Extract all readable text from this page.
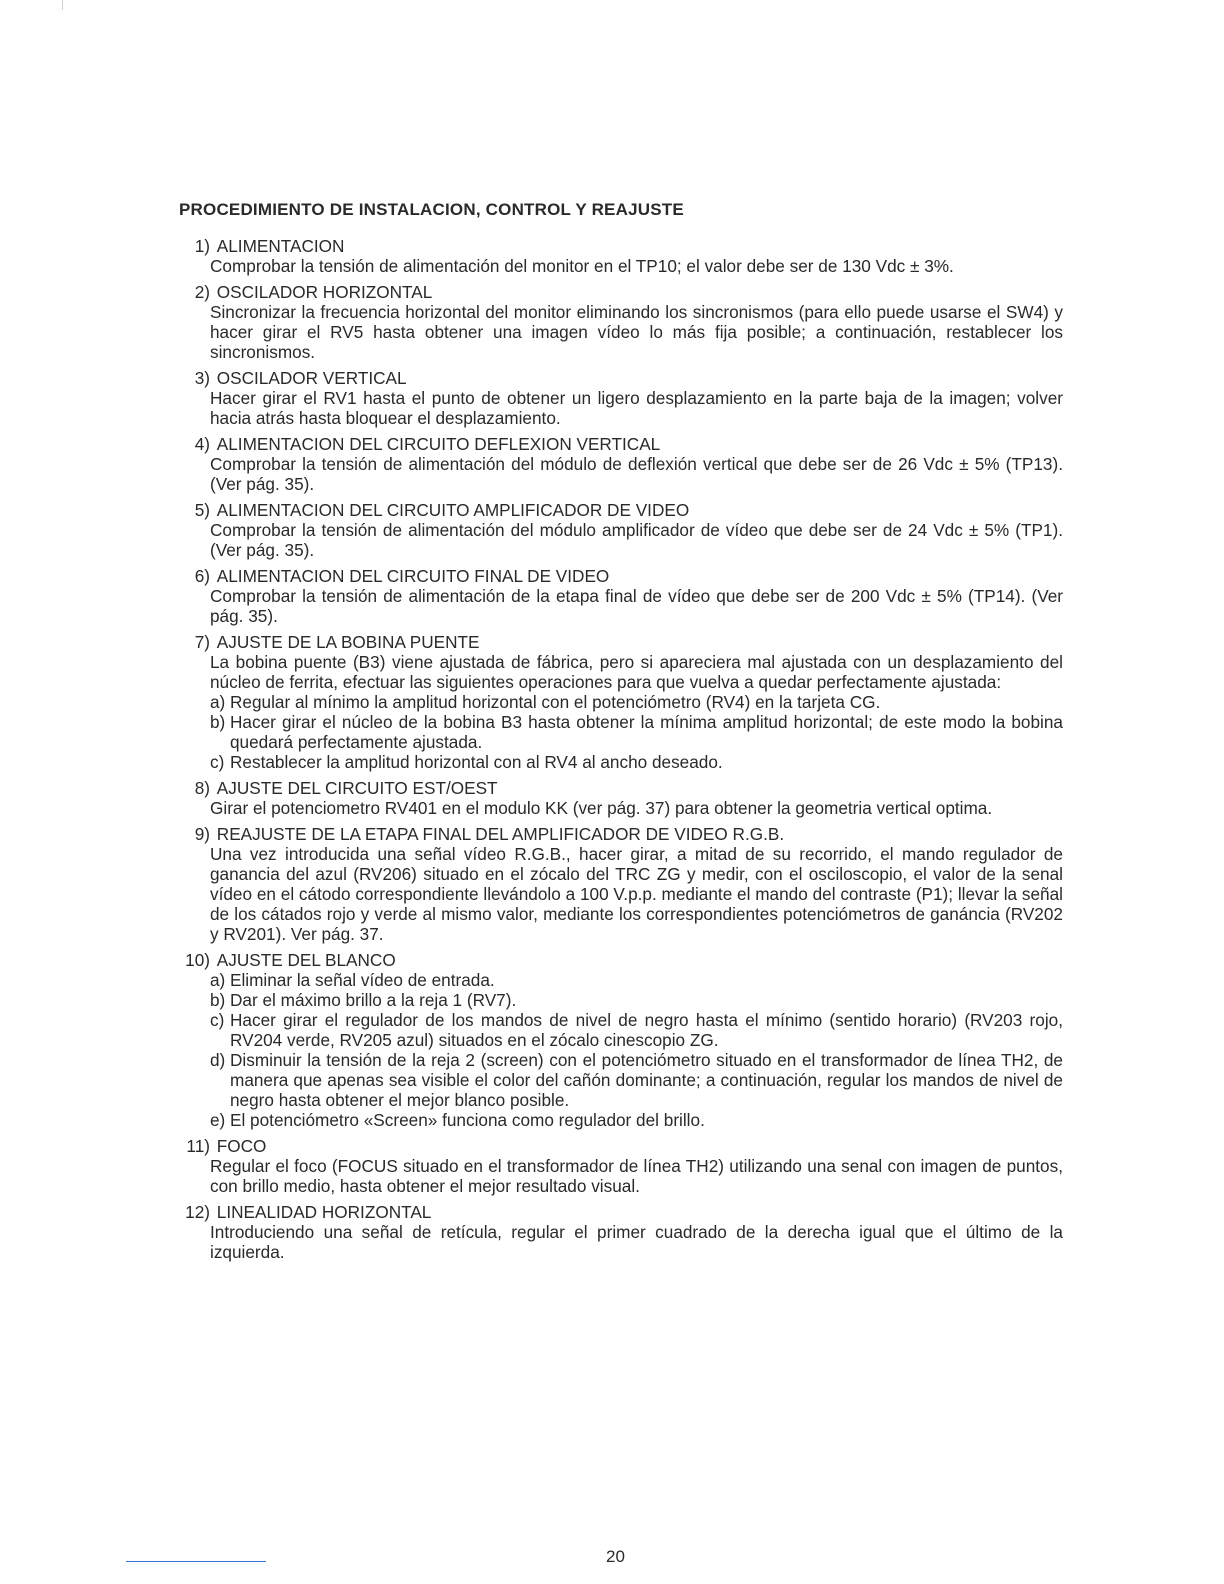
PROCEDIMIENTO DE INSTALACION, CONTROL Y REAJUSTE
1) ALIMENTACION

Comprobar la tensión de alimentación del monitor en el TP10; el valor debe ser de 130 Vdc ± 3%.

2) OSCILADOR HORIZONTAL

Sincronizar la frecuencia horizontal del monitor eliminando los sincronismos (para ello puede usarse el SW4) y hacer girar el RV5 hasta obtener una imagen vídeo lo más fija posible; a continuación, restablecer los sincronismos.

3) OSCILADOR VERTICAL

Hacer girar el RV1 hasta el punto de obtener un ligero desplazamiento en la parte baja de la imagen; volver hacia atrás hasta bloquear el desplazamiento.

4) ALIMENTACION DEL CIRCUITO DEFLEXION VERTICAL

Comprobar la tensión de alimentación del módulo de deflexión vertical que debe ser de 26 Vdc ± 5% (TP13). (Ver pág. 35).

5) ALIMENTACION DEL CIRCUITO AMPLIFICADOR DE VIDEO

Comprobar la tensión de alimentación del módulo amplificador de vídeo que debe ser de 24 Vdc ± 5% (TP1). (Ver pág. 35).

6) ALIMENTACION DEL CIRCUITO FINAL DE VIDEO

Comprobar la tensión de alimentación de la etapa final de vídeo que debe ser de 200 Vdc ± 5% (TP14). (Ver pág. 35).

7) AJUSTE DE LA BOBINA PUENTE

La bobina puente (B3) viene ajustada de fábrica, pero si apareciera mal ajustada con un desplazamiento del núcleo de ferrita, efectuar las siguientes operaciones para que vuelva a quedar perfectamente ajustada:

a) Regular al mínimo la amplitud horizontal con el potenciómetro (RV4) en la tarjeta CG.
b) Hacer girar el núcleo de la bobina B3 hasta obtener la mínima amplitud horizontal; de este modo la bobina quedará perfectamente ajustada.
c) Restablecer la amplitud horizontal con al RV4 al ancho deseado.
8) AJUSTE DEL CIRCUITO EST/OEST

Girar el potenciometro RV401 en el modulo KK (ver pág. 37) para obtener la geometria vertical optima.

9) REAJUSTE DE LA ETAPA FINAL DEL AMPLIFICADOR DE VIDEO R.G.B.

Una vez introducida una señal vídeo R.G.B., hacer girar, a mitad de su recorrido, el mando regulador de ganancia del azul (RV206) situado en el zócalo del TRC ZG y medir, con el osciloscopio, el valor de la senal vídeo en el cátodo correspondiente llevándolo a 100 V.p.p. mediante el mando del contraste (P1); llevar la señal de los cátados rojo y verde al mismo valor, mediante los correspondientes potenciómetros de ganáncia (RV202 y RV201). Ver pág. 37.

10) AJUSTE DEL BLANCO
a) Eliminar la señal vídeo de entrada.
b) Dar el máximo brillo a la reja 1 (RV7).
c) Hacer girar el regulador de los mandos de nivel de negro hasta el mínimo (sentido horario) (RV203 rojo, RV204 verde, RV205 azul) situados en el zócalo cinescopio ZG.
d) Disminuir la tensión de la reja 2 (screen) con el potenciómetro situado en el transformador de línea TH2, de manera que apenas sea visible el color del cañón dominante; a continuación, regular los mandos de nivel de negro hasta obtener el mejor blanco posible.
e) El potenciómetro «Screen» funciona como regulador del brillo.
11) FOCO

Regular el foco (FOCUS situado en el transformador de línea TH2) utilizando una senal con imagen de puntos, con brillo medio, hasta obtener el mejor resultado visual.

12) LINEALIDAD HORIZONTAL

Introduciendo una señal de retícula, regular el primer cuadrado de la derecha igual que el último de la izquierda.

20
